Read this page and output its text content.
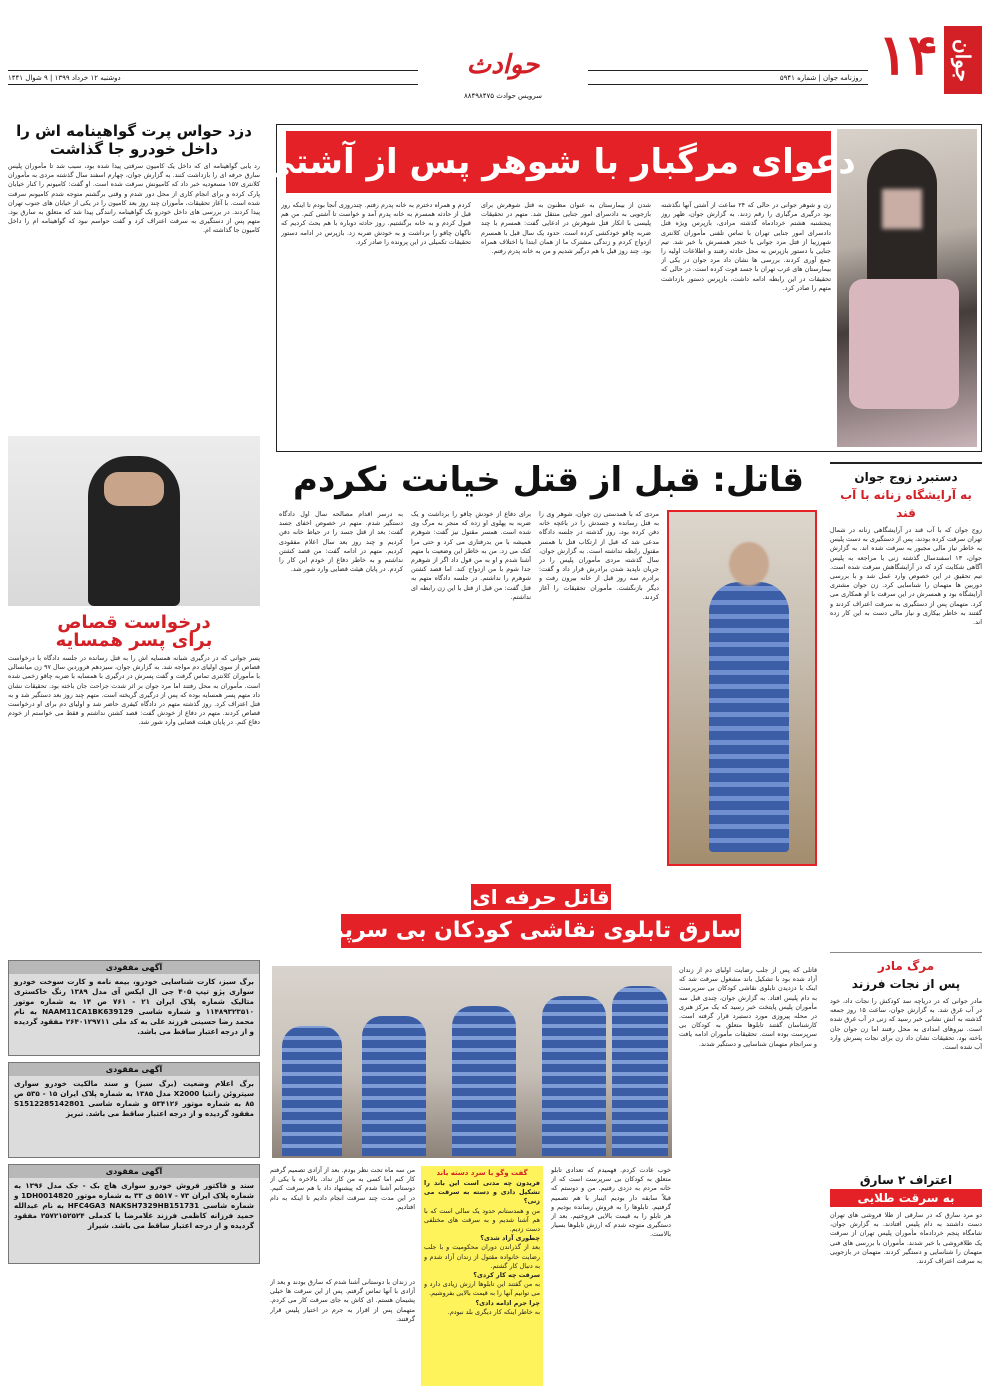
جوان
۱۴
روزنامه جوان | شماره ۵۹۴۱
دوشنبه ۱۲ خرداد ۱۳۹۹ | ۹ شوال ۱۴۴۱	حوادث
سرویس حوادث ۸۸۴۹۸۴۷۵
دعوای مرگبار با شوهر پس از آشتی
زن و شوهر جوانی در حالی که ۲۴ ساعت از آشتی آنها نگذشته بود درگیری مرگباری را رقم زدند. به گزارش جوان، ظهر روز پنجشنبه هشتم خردادماه گذشته مرادی، بازپرس ویژه قتل دادسرای امور جنایی تهران با تماس تلفنی مأموران کلانتری شهرزیبا از قتل مرد جوانی با خنجر همسرش با خبر شد. تیم جنایی با دستور بازپرس به محل حادثه رفتند و اطلاعات اولیه را جمع آوری کردند. بررسی ها نشان داد مرد جوان در یکی از بیمارستان های غرب تهران با جسد فوت کرده است. در حالی که تحقیقات در این رابطه ادامه داشت، بازپرس دستور بازداشت متهم را صادر کرد.
شدن از بیمارستان به عنوان مظنون به قتل شوهرش برای بازجویی به دادسرای امور جنایی منتقل شد. متهم در تحقیقات پلیسی با انکار قتل شوهرش در ادعایی گفت: همسرم با چند ضربه چاقو خودکشی کرده است. حدود یک سال قبل با همسرم ازدواج کردم و زندگی مشترک ما از همان ابتدا با اختلاف همراه بود. چند روز قبل با هم درگیر شدیم و من به خانه پدرم رفتم.
کردم و همراه دخترم به خانه پدرم رفتم. چندروزی آنجا بودم تا اینکه روز قبل از حادثه همسرم به خانه پدرم آمد و خواست تا آشتی کنم. من هم قبول کردم و به خانه برگشتیم. روز حادثه دوباره با هم بحث کردیم که ناگهان چاقو را برداشت و به خودش ضربه زد. بازپرس در ادامه دستور تحقیقات تکمیلی در این پرونده را صادر کرد.
قاتل: قبل از قتل خیانت نکردم
مردی که با همدستی زن جوان، شوهر وی را به قتل رسانده و جسدش را در باغچه خانه دفن کرده بود، روز گذشته در جلسه دادگاه مدعی شد که قبل از ارتکاب قتل با همسر مقتول رابطه نداشته است. به گزارش جوان، سال گذشته مردی مأموران پلیس را در جریان ناپدید شدن برادرش قرار داد و گفت: برادرم سه روز قبل از خانه بیرون رفت و دیگر بازنگشت. مأموران تحقیقات را آغاز کردند.
برای دفاع از خودش چاقو را برداشت و یک ضربه به پهلوی او زده که منجر به مرگ وی شده است. همسر مقتول نیز گفت: شوهرم همیشه با من بدرفتاری می کرد و حتی مرا کتک می زد. من به خاطر این وضعیت با متهم آشنا شدم و او به من قول داد اگر از شوهرم جدا شوم با من ازدواج کند. اما قصد کشتن شوهرم را نداشتم. در جلسه دادگاه متهم به قتل گفت: من قبل از قتل با این زن رابطه ای نداشتم.
به درسر اقدام مصالحه سال اول دادگاه دستگیر شدم. متهم در خصوص اخفای جسد گفت: بعد از قتل جسد را در حیاط خانه دفن کردیم و چند روز بعد سال اعلام مفقودی کردیم. متهم در ادامه گفت: من قصد کشتن نداشتم و به خاطر دفاع از خودم این کار را کردم. در پایان هیئت قضایی وارد شور شد.
قاتل حرفه ای
سارق تابلوی نقاشی کودکان بی سرپرست شد
قاتلی که پس از جلب رضایت اولیای دم از زندان آزاد شده بود با تشکیل باند مشغول سرقت شد که اینک با دزدیدن تابلوی نقاشی کودکان بی سرپرست به دام پلیس افتاد. به گزارش جوان، چندی قبل سه مأموران پلیس پایتخت خبر رسید که یک مرکز هنری در محله پیروزی مورد دستبرد قرار گرفته است. کارشناسان گفتند تابلوها متعلق به کودکان بی سرپرست بوده است. تحقیقات مأموران ادامه یافت و سرانجام متهمان شناسایی و دستگیر شدند.
خوب عادت کردم. فهمیدم که تعدادی تابلو متعلق به کودکان بی سرپرست است که از خانه مردم به دزدی رفتیم. من و دوستم که قبلاً سابقه دار بودیم اینبار با هم تصمیم گرفتیم. تابلوها را به فروش رسانده بودیم و هر تابلو را به قیمت بالایی فروختیم. بعد از دستگیری متوجه شدم که ارزش تابلوها بسیار بالاست.
گفت وگو با سرد دسته باند
فریدون چه مدتی است این باند را تشکیل دادی و دسته به سرقت می زنی؟
من و همدستانم حدود یک سالی است که با هم آشنا شدیم و به سرقت های مختلفی دست زدیم.
چطوری آزاد شدی؟
بعد از گذراندن دوران محکومیت و با جلب رضایت خانواده مقتول از زندان آزاد شدم و به دنبال کار گشتم.
سرقت چه کار کردی؟
به من گفتند این تابلوها ارزش زیادی دارد و می توانیم آنها را به قیمت بالایی بفروشیم.
چرا جرم ادامه دادی؟
به خاطر اینکه کار دیگری بلد نبودم.
من سه ماه تحت نظر بودم. بعد از آزادی تصمیم گرفتم کار کنم اما کسی به من کار نداد. بالاخره با یکی از دوستانم آشنا شدم که پیشنهاد داد با هم سرقت کنیم. در این مدت چند سرقت انجام دادیم تا اینکه به دام افتادیم.
در زندان با دوستانی آشنا شدم که سارق بودند و بعد از آزادی با آنها تماس گرفتم. پس از این سرقت ها خیلی پشیمان هستم. ای کاش به جای سرقت کار می کردم. متهمان پس از اقرار به جرم در اختیار پلیس قرار گرفتند.
دستبرد زوج جوان
به آرایشگاه زنانه با آب قند
زوج جوان که با آب قند در آرایشگاهی زنانه در شمال تهران سرقت کرده بودند، پس از دستگیری به دست پلیس به خاطر نیاز مالی مجبور به سرقت شده اند. به گزارش جوان، ۱۳ اسفندسال گذشته زنی با مراجعه به پلیس آگاهی شکایت کرد که در آرایشگاهش سرقت شده است. تیم تحقیق در این خصوص وارد عمل شد و با بررسی دوربین ها متهمان را شناسایی کرد. زن جوان مشتری آرایشگاه بود و همسرش در این سرقت با او همکاری می کرد. متهمان پس از دستگیری به سرقت اعتراف کردند و گفتند به خاطر بیکاری و نیاز مالی دست به این کار زده اند.
مرگ مادر
پس از نجات فرزند
مادر جوانی که در دریاچه سد کودکش را نجات داد، خود در آب غرق شد. به گزارش جوان، ساعت ۱۵ روز جمعه گذشته به آتش نشانی خبر رسید که زنی در آب غرق شده است. نیروهای امدادی به محل رفتند اما زن جوان جان باخته بود. تحقیقات نشان داد زن برای نجات پسرش وارد آب شده است.
اعتراف ۲ سارق
به سرقت طلایی
دو مرد سارق که در سارقی از طلا فروشی های تهران دست داشتند به دام پلیس افتادند. به گزارش جوان، شامگاه پنجم خردادماه مأموران پلیس تهران از سرقت یک طلافروشی با خبر شدند. مأموران با بررسی های فنی متهمان را شناسایی و دستگیر کردند. متهمان در بازجویی به سرقت اعتراف کردند.
دزد حواس پرت گواهینامه اش را
داخل خودرو جا گذاشت
رد یابی گواهینامه ای که داخل یک کامیون سرقتی پیدا شده بود، سبب شد تا مأموران پلیس سارق حرفه ای را بازداشت کنند. به گزارش جوان، چهارم اسفند سال گذشته مردی به مأموران کلانتری ۱۵۷ مسعودیه خبر داد که کامیونش سرقت شده است. او گفت: کامیونم را کنار خیابان پارک کرده و برای انجام کاری از محل دور شدم و وقتی برگشتم متوجه شدم کامیونم سرقت شده است. با آغاز تحقیقات، مأموران چند روز بعد کامیون را در یکی از خیابان های جنوب تهران پیدا کردند. در بررسی های داخل خودرو یک گواهینامه رانندگی پیدا شد که متعلق به سارق بود. متهم پس از دستگیری به سرقت اعتراف کرد و گفت حواسم نبود که گواهینامه ام را داخل کامیون جا گذاشته ام.
درخواست قصاص
برای پسر همسایه
پسر جوانی که در درگیری شبانه همسایه اش را به قتل رسانده در جلسه دادگاه با درخواست قصاص از سوی اولیای دم مواجه شد. به گزارش جوان، سیزدهم فروردین سال ۹۷ زن میانسالی با مأموران کلانتری تماس گرفت و گفت پسرش در درگیری با همسایه با ضربه چاقو زخمی شده است. مأموران به محل رفتند اما مرد جوان بر اثر شدت جراحت جان باخته بود. تحقیقات نشان داد متهم پسر همسایه بوده که پس از درگیری گریخته است. متهم چند روز بعد دستگیر شد و به قتل اعتراف کرد. روز گذشته متهم در دادگاه کیفری حاضر شد و اولیای دم برای او درخواست قصاص کردند. متهم در دفاع از خودش گفت: قصد کشتن نداشتم و فقط می خواستم از خودم دفاع کنم. در پایان هیئت قضایی وارد شور شد.
آگهی مفقودی
برگ سبز، کارت شناسایی خودرو، بیمه نامه و کارت سوخت خودرو سواری پژو تیپ ۴۰۵ جی ال ایکس آی مدل ۱۳۸۹ رنگ خاکستری متالیک شماره پلاک ایران ۲۱ - ۷۶۱ ص ۱۴ به شماره موتور ۱۱۴۸۹۳۲۳۵۱۰ و شماره شاسی NAAM11CA1BK639129 به نام محمد رضا حسینی فرزند علی به کد ملی ۲۶۴۰۱۲۹۷۱۱ مفقود گردیده و از درجه اعتبار ساقط می باشد.
آگهی مفقودی
برگ اعلام وضعیت (برگ سبز) و سند مالکیت خودرو سواری سیتروئن زانتیا X2000 مدل ۱۳۸۵ به شماره پلاک ایران ۱۵ - ۵۳۵ ص ۸۵ به شماره موتور ۵۳۴۱۲۶ و شماره شاسی S1512285142801 مفقود گردیده و از درجه اعتبار ساقط می باشد. تبریز
آگهی مفقودی
سند و فاکتور فروش خودرو سواری هاچ بک - جک مدل ۱۳۹۶ به شماره پلاک ایران ۷۳ - ۵۵۱۷ ی ۳۳ به شماره موتور 1DH0014820 و شماره شاسی HFC4GA3 NAKSH7329HB151731 به نام عبدالله حمید فرزانه کاظمی فرزند غلامرضا با کدملی ۲۵۷۲۱۵۲۵۲۴ مفقود گردیده و از درجه اعتبار ساقط می باشد. شیراز
